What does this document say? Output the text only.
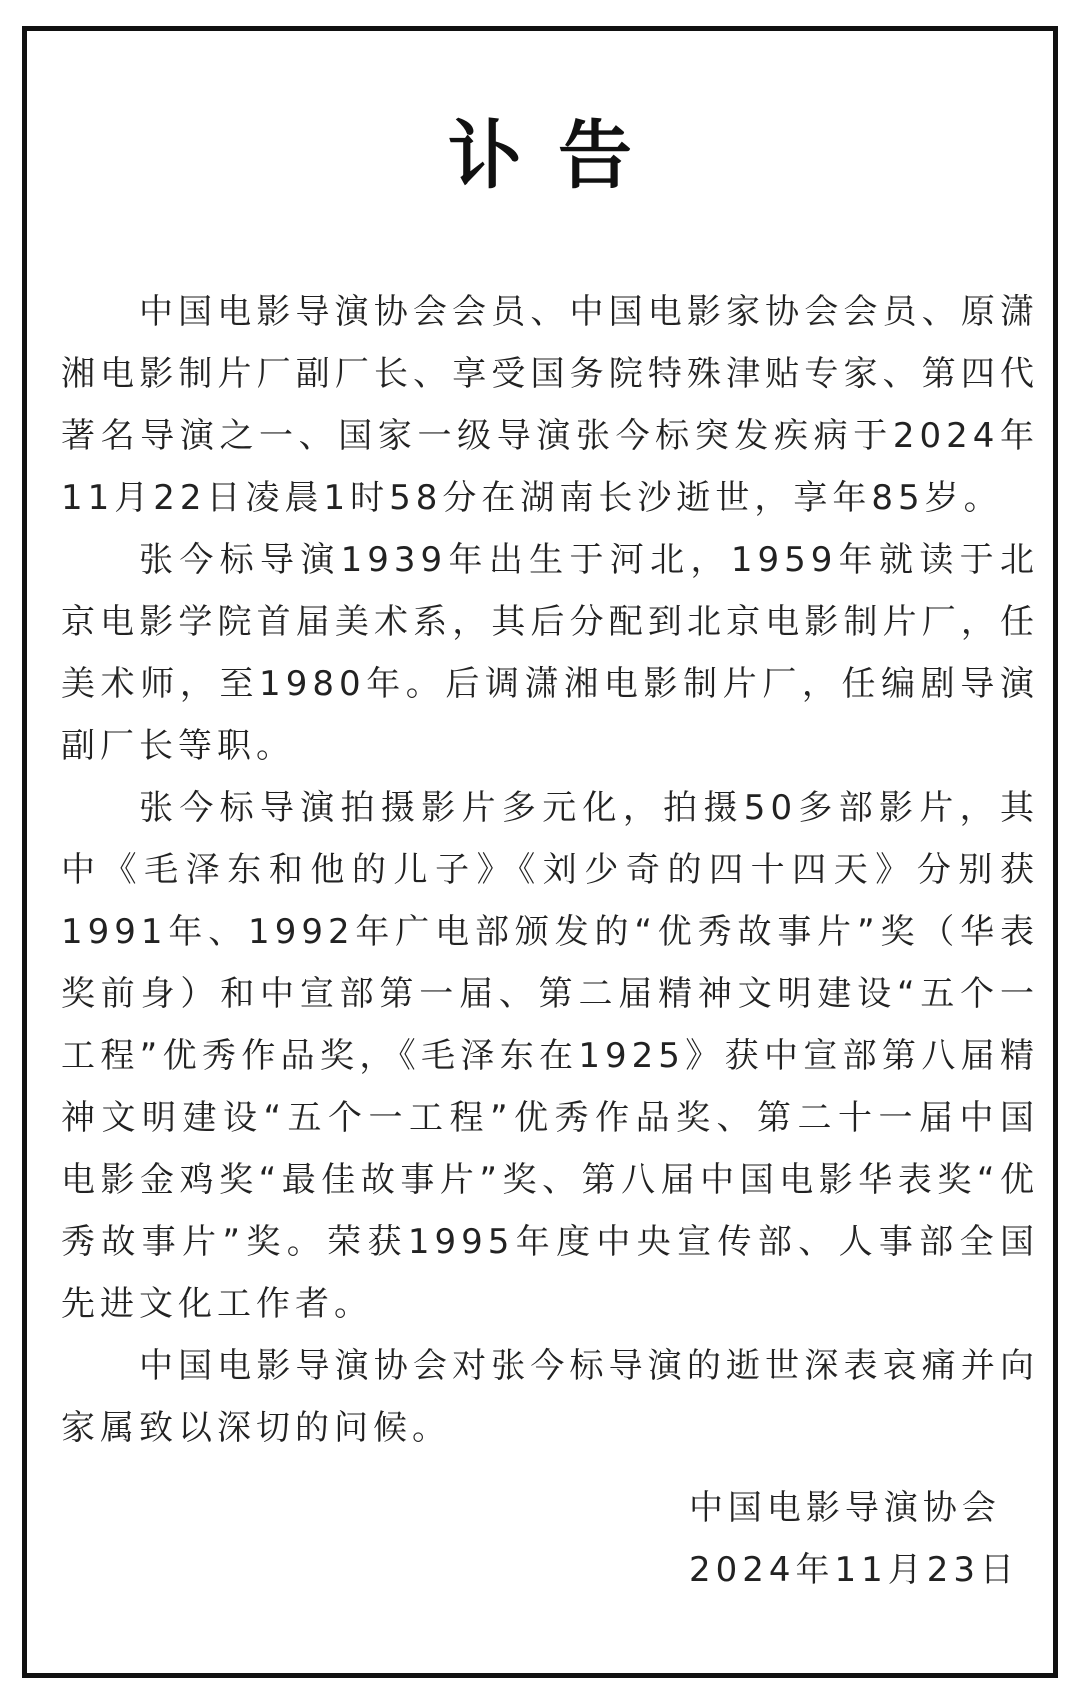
讣告

中国电影导演协会会员、中国电影家协会会员、原潇湘电影制片厂副厂长、享受国务院特殊津贴专家、第四代著名导演之一、国家一级导演张今标突发疾病于2024年11月22日凌晨1时58分在湖南长沙逝世，享年85岁。

张今标导演1939年出生于河北，1959年就读于北京电影学院首届美术系，其后分配到北京电影制片厂，任美术师，至1980年。后调潇湘电影制片厂，任编剧导演副厂长等职。

张今标导演拍摄影片多元化，拍摄50多部影片，其中《毛泽东和他的儿子》《刘少奇的四十四天》分别获1991年、1992年广电部颁发的“优秀故事片”奖（华表奖前身）和中宣部第一届、第二届精神文明建设“五个一工程”优秀作品奖，《毛泽东在1925》获中宣部第八届精神文明建设“五个一工程”优秀作品奖、第二十一届中国电影金鸡奖“最佳故事片”奖、第八届中国电影华表奖“优秀故事片”奖。荣获1995年度中央宣传部、人事部全国先进文化工作者。

中国电影导演协会对张今标导演的逝世深表哀痛并向家属致以深切的问候。

中国电影导演协会
2024年11月23日
